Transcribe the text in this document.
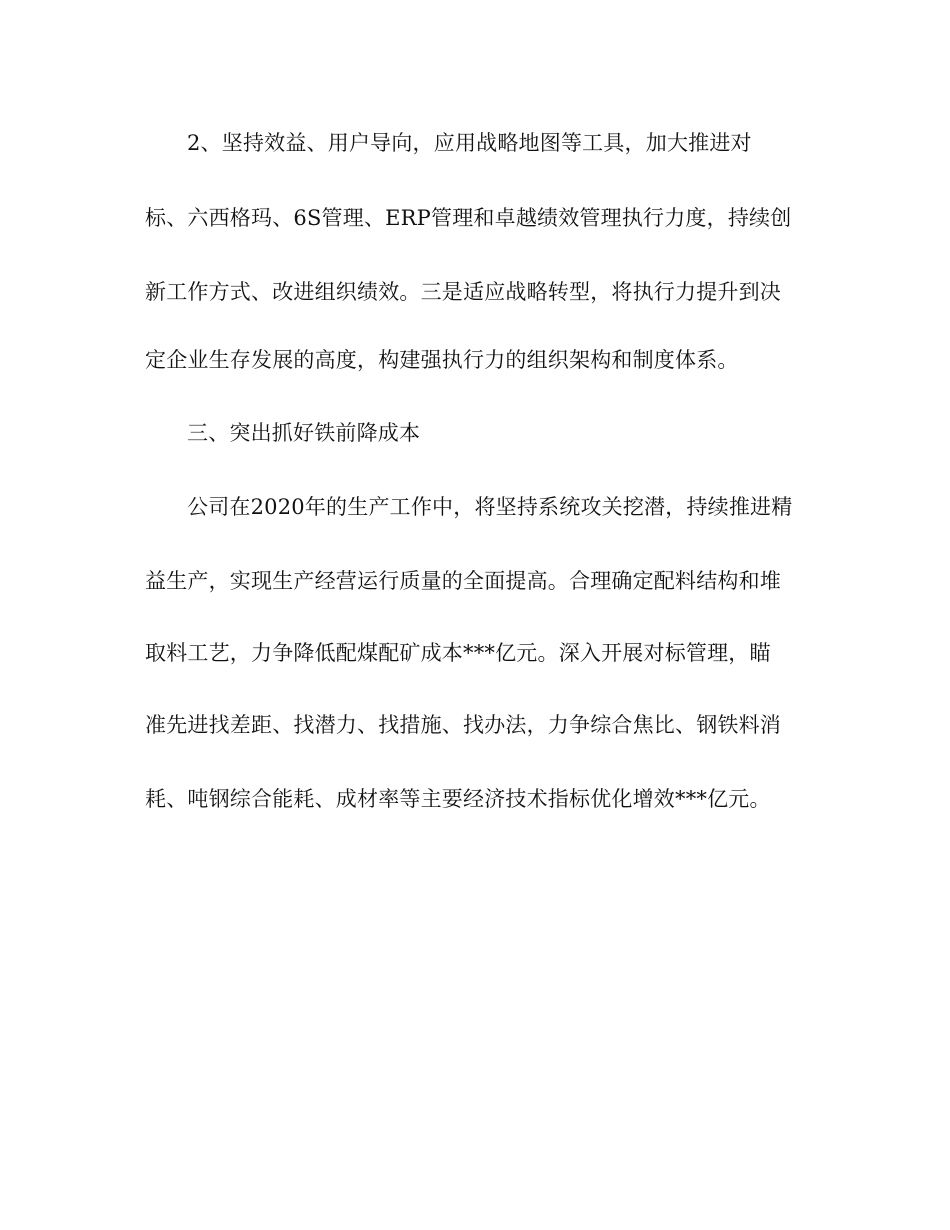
2、坚持效益、用户导向，应用战略地图等工具，加大推进对
标、六西格玛、6S管理、ERP管理和卓越绩效管理执行力度，持续创
新工作方式、改进组织绩效。三是适应战略转型，将执行力提升到决
定企业生存发展的高度，构建强执行力的组织架构和制度体系。
三、突出抓好铁前降成本
公司在2020年的生产工作中，将坚持系统攻关挖潜，持续推进精
益生产，实现生产经营运行质量的全面提高。合理确定配料结构和堆
取料工艺，力争降低配煤配矿成本***亿元。深入开展对标管理，瞄
准先进找差距、找潜力、找措施、找办法，力争综合焦比、钢铁料消
耗、吨钢综合能耗、成材率等主要经济技术指标优化增效***亿元。
